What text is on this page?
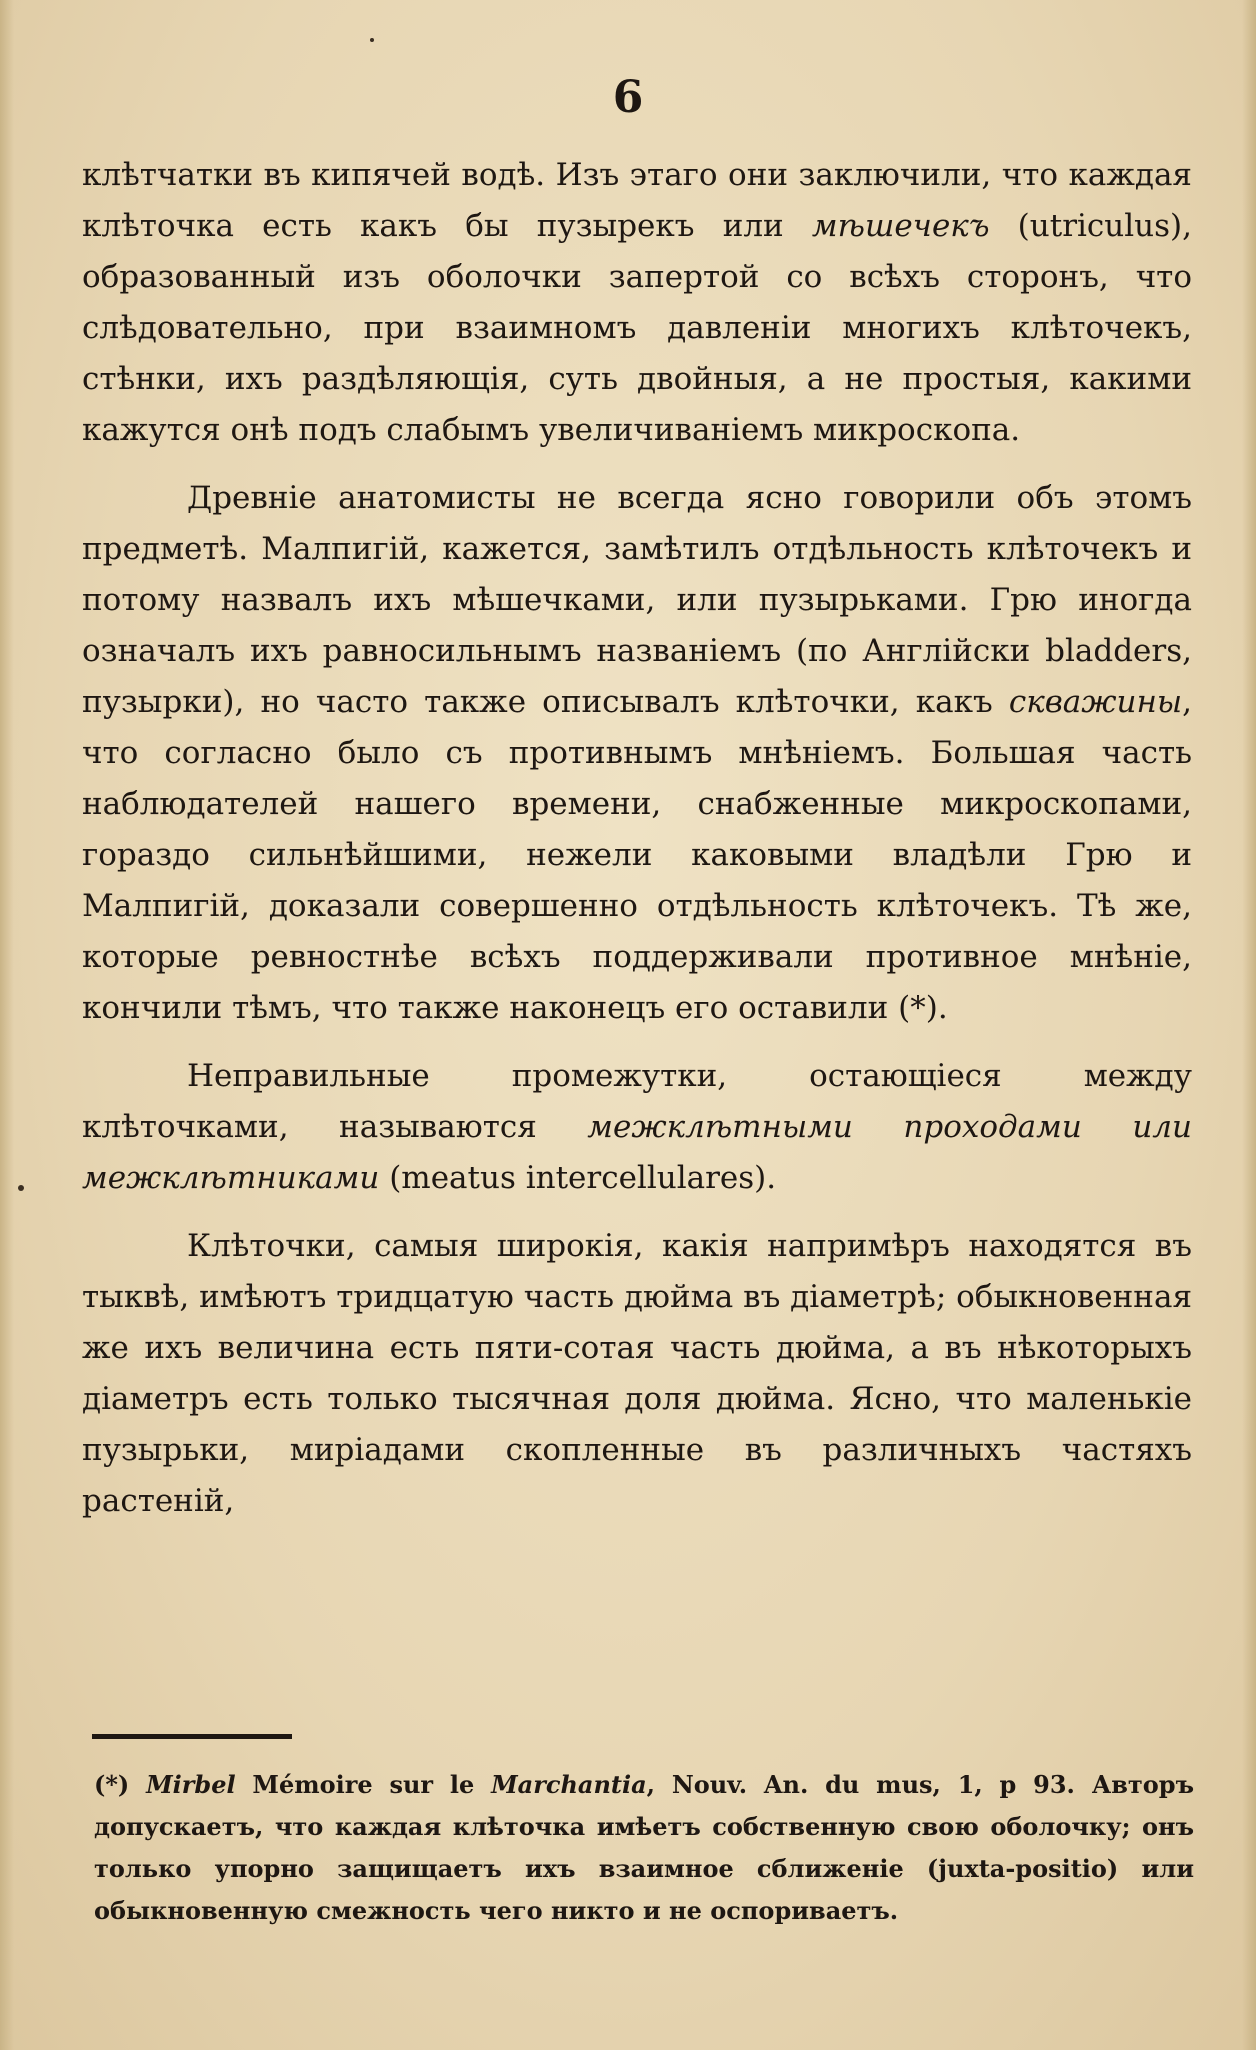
6

клѣтчатки въ кипячей водѣ. Изъ этаго они заключили, что каждая клѣточка есть какъ бы пузырекъ или мѣшечекъ (utriculus), образованный изъ оболочки запертой со всѣхъ сторонъ, что слѣдовательно, при взаимномъ давленіи многихъ клѣточекъ, стѣнки, ихъ раздѣляющія, суть двойныя, а не простыя, какими кажутся онѣ подъ слабымъ увеличиваніемъ микроскопа.

Древніе анатомисты не всегда ясно говорили объ этомъ предметѣ. Малпигій, кажется, замѣтилъ отдѣльность клѣточекъ и потому назвалъ ихъ мѣшечками, или пузырьками. Грю иногда означалъ ихъ равносильнымъ названіемъ (по Англійски bladders, пузырки), но часто также описывалъ клѣточки, какъ скважины, что согласно было съ противнымъ мнѣніемъ. Большая часть наблюдателей нашего времени, снабженные микроскопами, гораздо сильнѣйшими, нежели каковыми владѣли Грю и Малпигій, доказали совершенно отдѣльность клѣточекъ. Тѣ же, которые ревностнѣе всѣхъ поддерживали противное мнѣніе, кончили тѣмъ, что также наконецъ его оставили (*).

Неправильные промежутки, остающіеся между клѣточками, называются межклѣтными проходами или межклѣтниками (meatus intercellulares).

Клѣточки, самыя широкія, какія напримѣръ находятся въ тыквѣ, имѣютъ тридцатую часть дюйма въ діаметрѣ; обыкновенная же ихъ величина есть пяти-сотая часть дюйма, а въ нѣкоторыхъ діаметръ есть только тысячная доля дюйма. Ясно, что маленькіе пузырьки, миріадами скопленные въ различныхъ частяхъ растеній,

(*) Mirbel Mémoire sur le Marchantia, Nouv. An. du mus, 1, p 93. Авторъ допускаетъ, что каждая клѣточка имѣетъ собственную свою оболочку; онъ только упорно защищаетъ ихъ взаимное сближеніе (juxta-positio) или обыкновенную смежность чего никто и не оспориваетъ.
